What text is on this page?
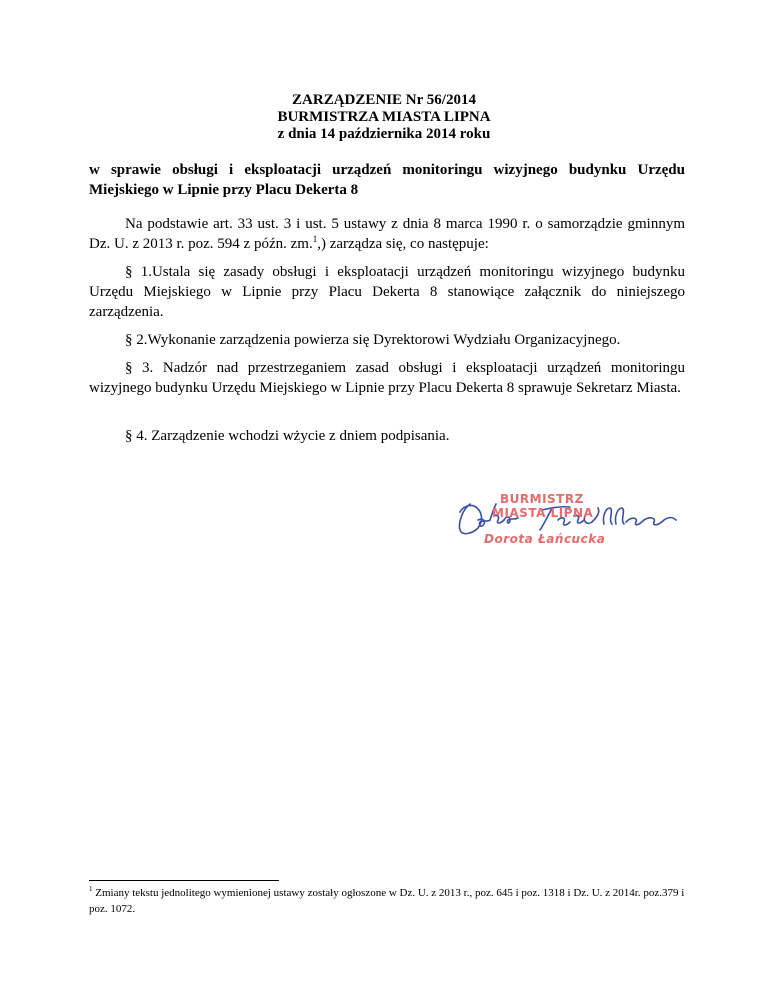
ZARZĄDZENIE Nr 56/2014
BURMISTRZA MIASTA LIPNA
z dnia 14 października 2014 roku
w sprawie obsługi i eksploatacji urządzeń monitoringu wizyjnego budynku Urzędu Miejskiego w Lipnie przy Placu Dekerta 8
Na podstawie art. 33 ust. 3 i ust. 5 ustawy z dnia 8 marca 1990 r. o samorządzie gminnym Dz. U. z 2013 r. poz. 594 z późn. zm.$^1$,) zarządza się, co następuje:
§ 1.Ustala się zasady obsługi i eksploatacji urządzeń monitoringu wizyjnego budynku Urzędu Miejskiego w Lipnie przy Placu Dekerta 8 stanowiące załącznik do niniejszego zarządzenia.
§ 2.Wykonanie zarządzenia powierza się Dyrektorowi Wydziału Organizacyjnego.
§ 3. Nadzór nad przestrzeganiem zasad obsługi i eksploatacji urządzeń monitoringu wizyjnego budynku Urzędu Miejskiego w Lipnie przy Placu Dekerta 8 sprawuje Sekretarz Miasta.
§ 4. Zarządzenie wchodzi wżycie z dniem podpisania.
BURMISTRZ
MIASTA LIPNA
Dorota Łańcucka
$^1$ Zmiany tekstu jednolitego wymienionej ustawy zostały ogłoszone w Dz. U. z 2013 r., poz. 645 i poz. 1318 i Dz. U. z 2014r. poz.379 i poz. 1072.
